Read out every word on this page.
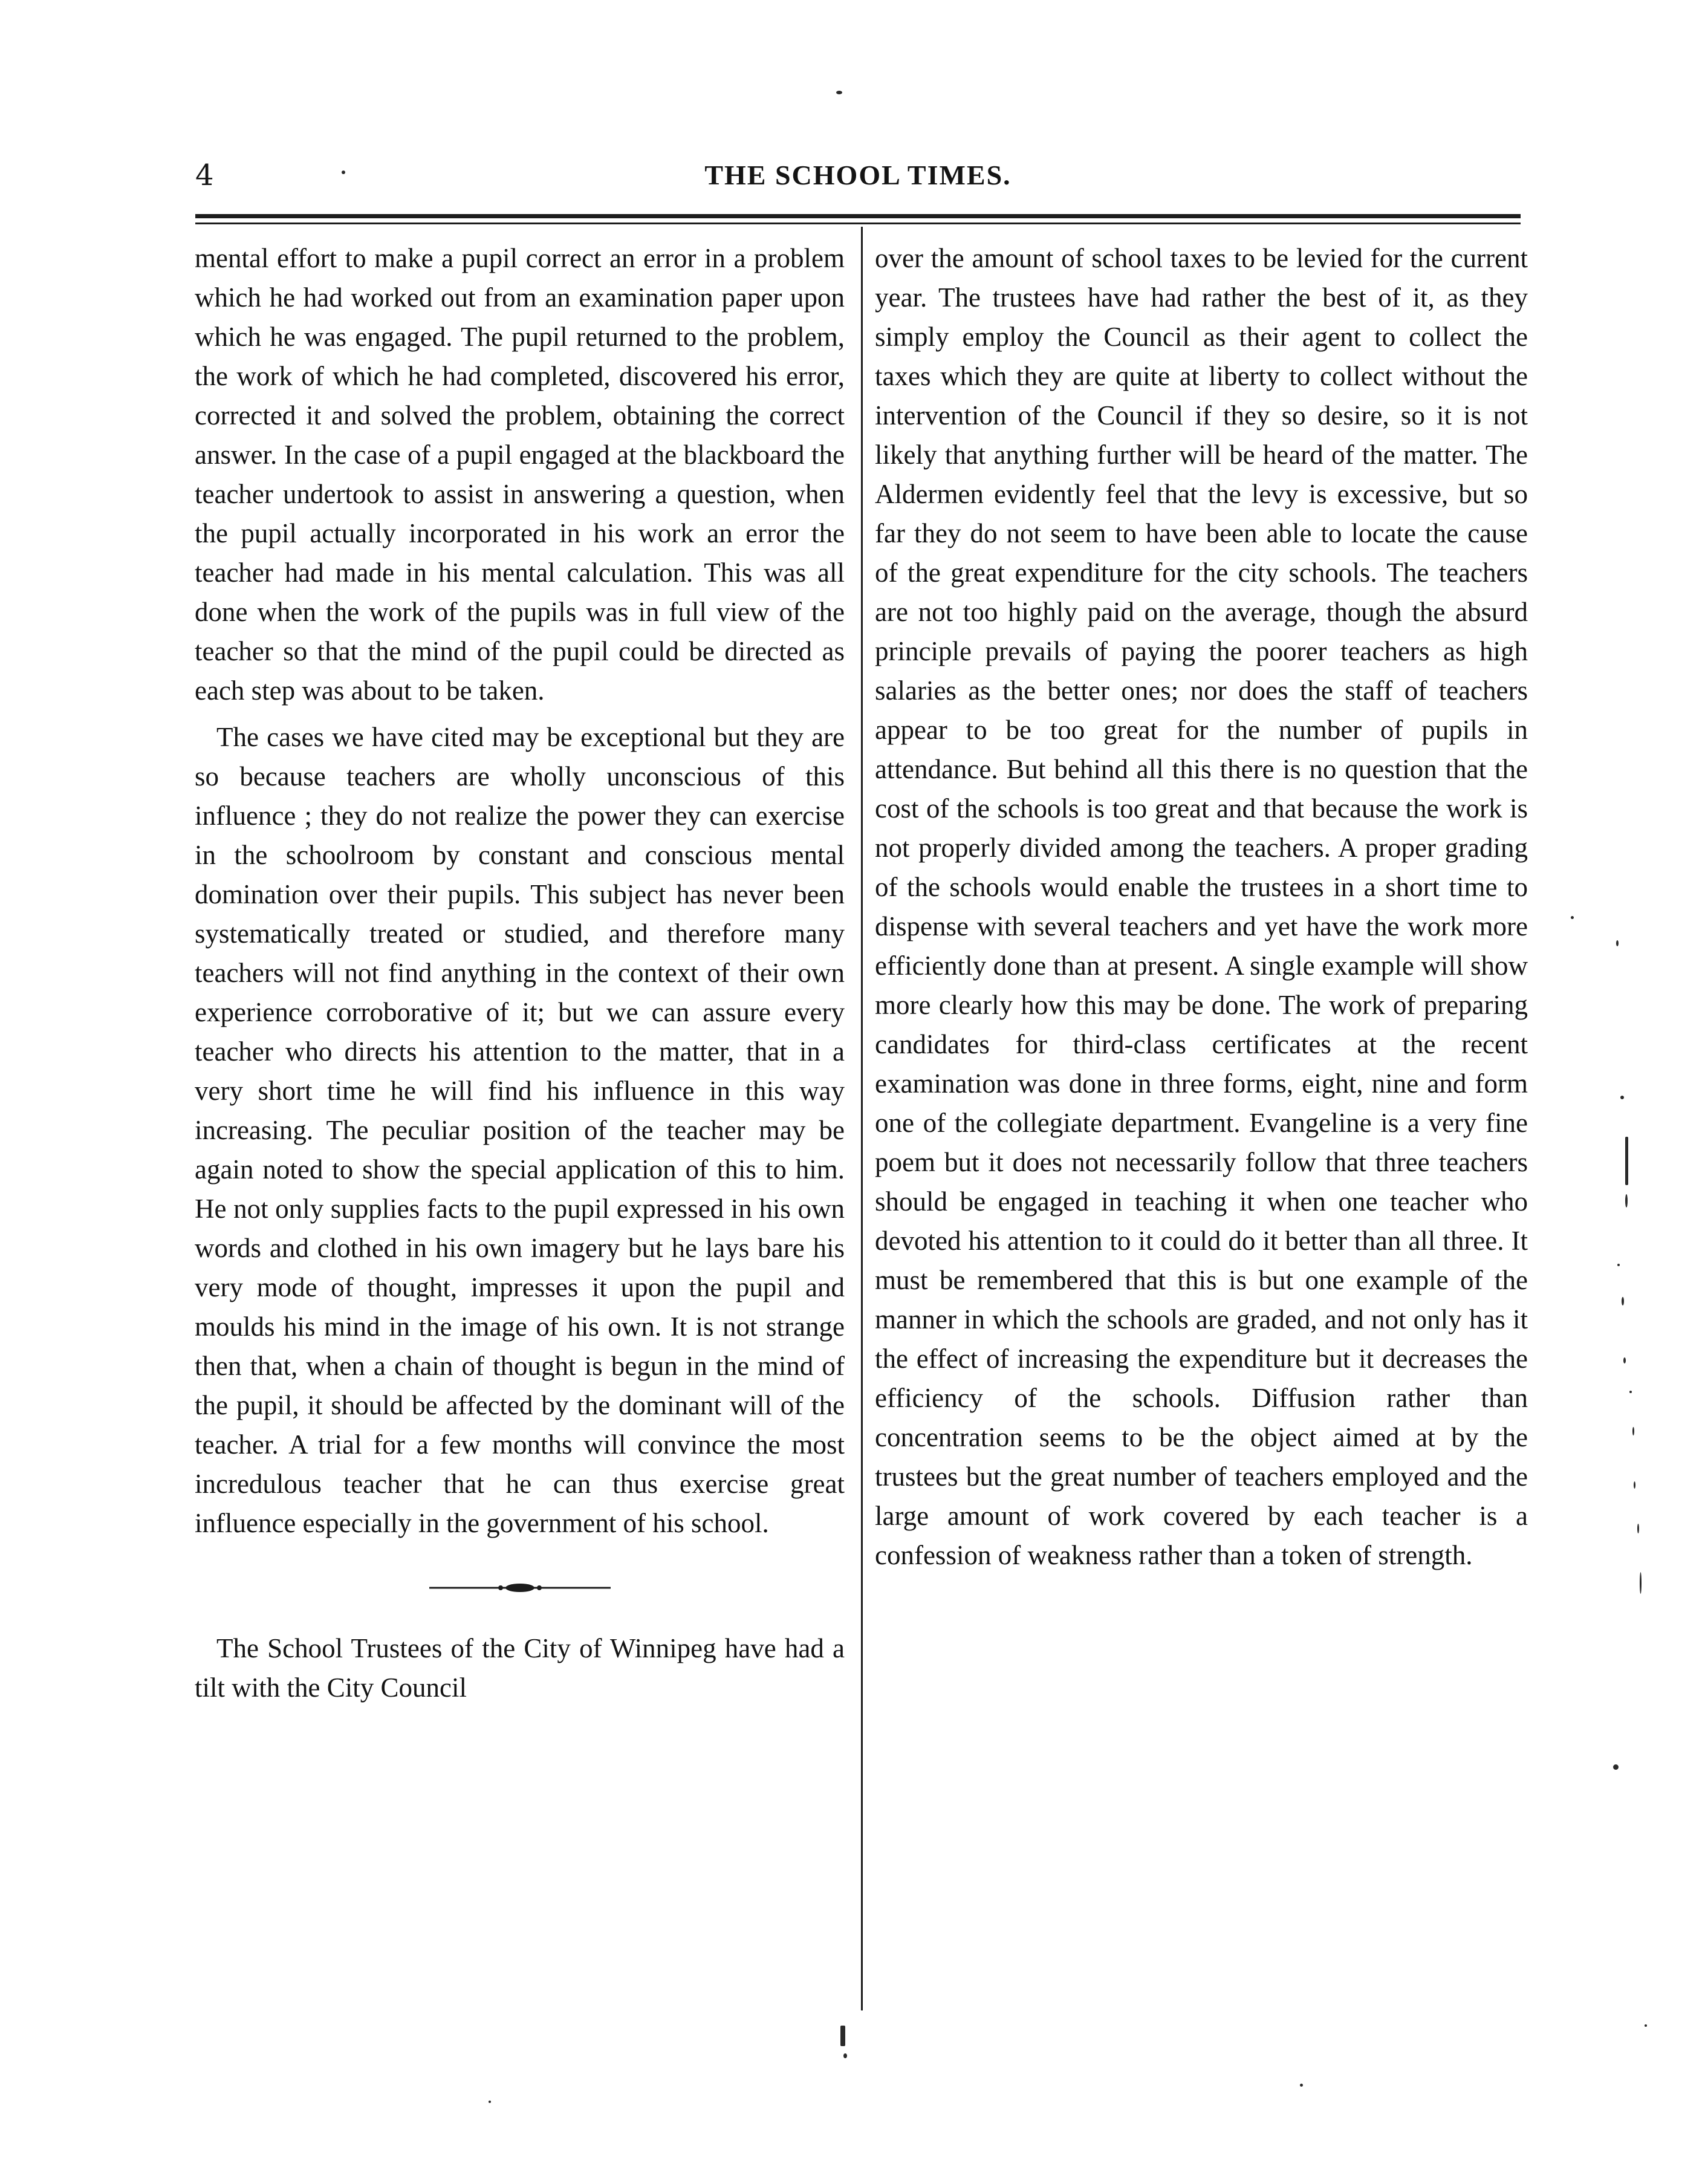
4	THE SCHOOL TIMES.

mental effort to make a pupil correct an error in a problem which he had worked out from an examination paper upon which he was engaged. The pupil returned to the problem, the work of which he had completed, discovered his error, corrected it and solved the problem, obtaining the correct answer. In the case of a pupil engaged at the blackboard the teacher undertook to assist in answering a question, when the pupil actually incorporated in his work an error the teacher had made in his mental calculation. This was all done when the work of the pupils was in full view of the teacher so that the mind of the pupil could be directed as each step was about to be taken.

The cases we have cited may be exceptional but they are so because teachers are wholly unconscious of this influence ; they do not realize the power they can exercise in the schoolroom by constant and conscious mental domination over their pupils. This subject has never been systematically treated or studied, and therefore many teachers will not find anything in the context of their own experience corroborative of it; but we can assure every teacher who directs his attention to the matter, that in a very short time he will find his influence in this way increasing. The peculiar position of the teacher may be again noted to show the special application of this to him. He not only supplies facts to the pupil expressed in his own words and clothed in his own imagery but he lays bare his very mode of thought, impresses it upon the pupil and moulds his mind in the image of his own. It is not strange then that, when a chain of thought is begun in the mind of the pupil, it should be affected by the dominant will of the teacher. A trial for a few months will convince the most incredulous teacher that he can thus exercise great influence especially in the government of his school.

The School Trustees of the City of Winnipeg have had a tilt with the City Council

over the amount of school taxes to be levied for the current year. The trustees have had rather the best of it, as they simply employ the Council as their agent to collect the taxes which they are quite at liberty to collect without the intervention of the Council if they so desire, so it is not likely that anything further will be heard of the matter. The Aldermen evidently feel that the levy is excessive, but so far they do not seem to have been able to locate the cause of the great expenditure for the city schools. The teachers are not too highly paid on the average, though the absurd principle prevails of paying the poorer teachers as high salaries as the better ones; nor does the staff of teachers appear to be too great for the number of pupils in attendance. But behind all this there is no question that the cost of the schools is too great and that because the work is not properly divided among the teachers. A proper grading of the schools would enable the trustees in a short time to dispense with several teachers and yet have the work more efficiently done than at present. A single example will show more clearly how this may be done. The work of preparing candidates for third-class certificates at the recent examination was done in three forms, eight, nine and form one of the collegiate department. Evangeline is a very fine poem but it does not necessarily follow that three teachers should be engaged in teaching it when one teacher who devoted his attention to it could do it better than all three. It must be remembered that this is but one example of the manner in which the schools are graded, and not only has it the effect of increasing the expenditure but it decreases the efficiency of the schools. Diffusion rather than concentration seems to be the object aimed at by the trustees but the great number of teachers employed and the large amount of work covered by each teacher is a confession of weakness rather than a token of strength.
